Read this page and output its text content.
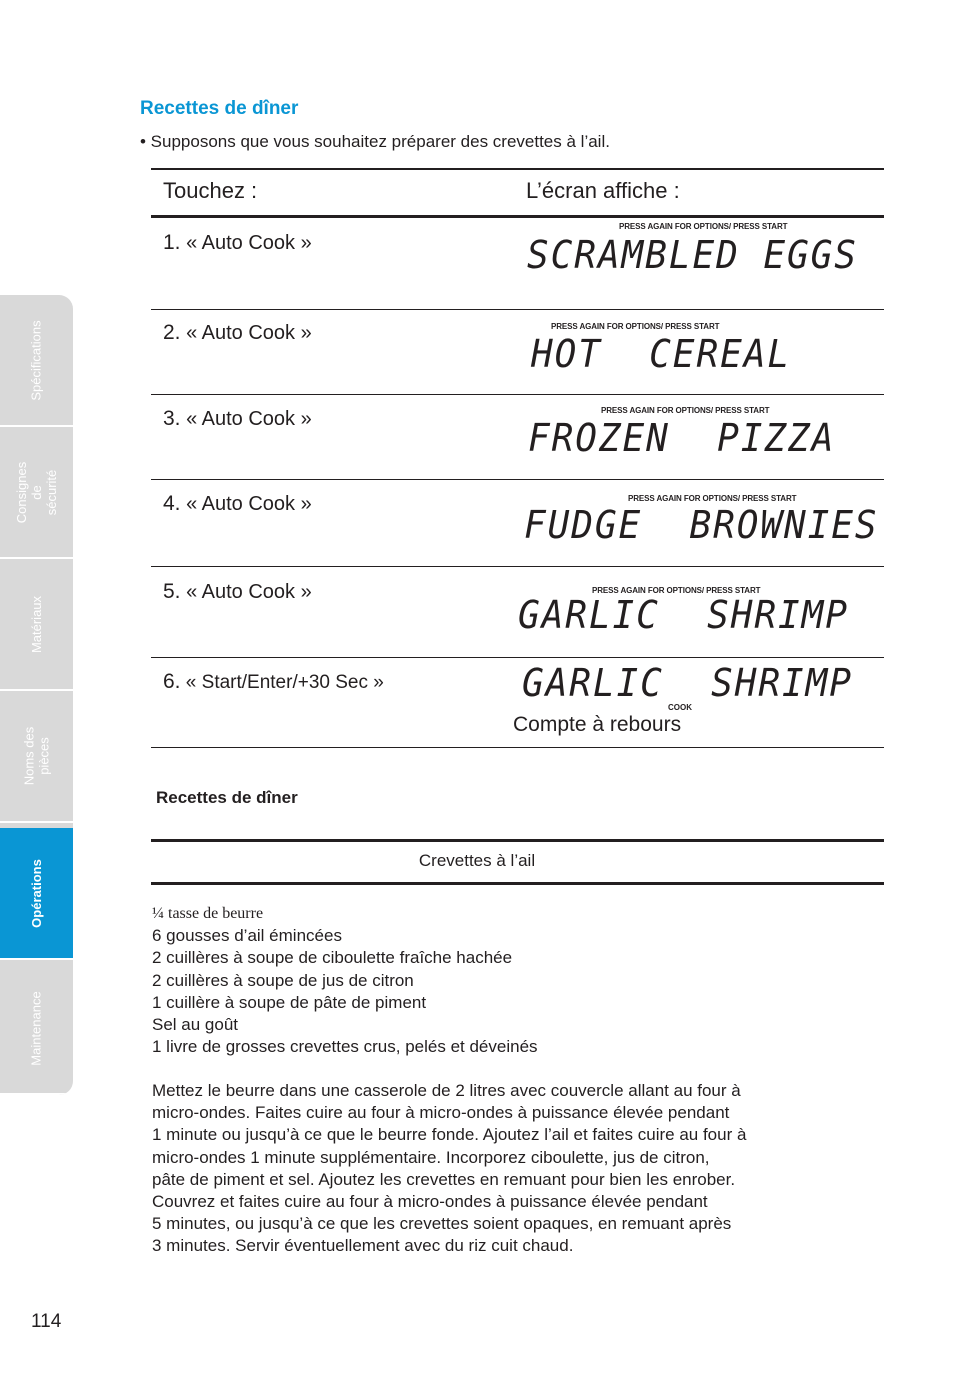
Spécifications
Consignes de
sécurité
Matériaux
Noms des
pièces
Opérations
Maintenance
Recettes de dîner
• Supposons que vous souhaitez préparer des crevettes à l’ail.
Touchez :	L’écran affiche :
1. « Auto Cook »
PRESS AGAIN FOR OPTIONS/ PRESS START
SCRAMBLED EGGS
2. « Auto Cook »	PRESS AGAIN FOR OPTIONS/ PRESS START
HOT  CEREAL
3. « Auto Cook »	PRESS AGAIN FOR OPTIONS/ PRESS START
FROZEN  PIZZA
4. « Auto Cook »	PRESS AGAIN FOR OPTIONS/ PRESS START
FUDGE  BROWNIES
5. « Auto Cook »	PRESS AGAIN FOR OPTIONS/ PRESS START
GARLIC  SHRIMP
6. « Start/Enter/+30 Sec »	GARLIC  SHRIMP
COOK
Compte à rebours
Recettes de dîner
Crevettes à l’ail
¼ tasse de beurre
6 gousses d’ail émincées
2 cuillères à soupe de ciboulette fraîche hachée
2 cuillères à soupe de jus de citron
1 cuillère à soupe de pâte de piment
Sel au goût
1 livre de grosses crevettes crus, pelés et déveinés
Mettez le beurre dans une casserole de 2 litres avec couvercle allant au four à
micro-ondes. Faites cuire au four à micro-ondes à puissance élevée pendant
1 minute ou jusqu’à ce que le beurre fonde. Ajoutez l’ail et faites cuire au four à
micro-ondes 1 minute supplémentaire. Incorporez ciboulette, jus de citron,
pâte de piment et sel. Ajoutez les crevettes en remuant pour bien les enrober.
Couvrez et faites cuire au four à micro-ondes à puissance élevée pendant
5 minutes, ou jusqu’à ce que les crevettes soient opaques, en remuant après
3 minutes. Servir éventuellement avec du riz cuit chaud.
114
